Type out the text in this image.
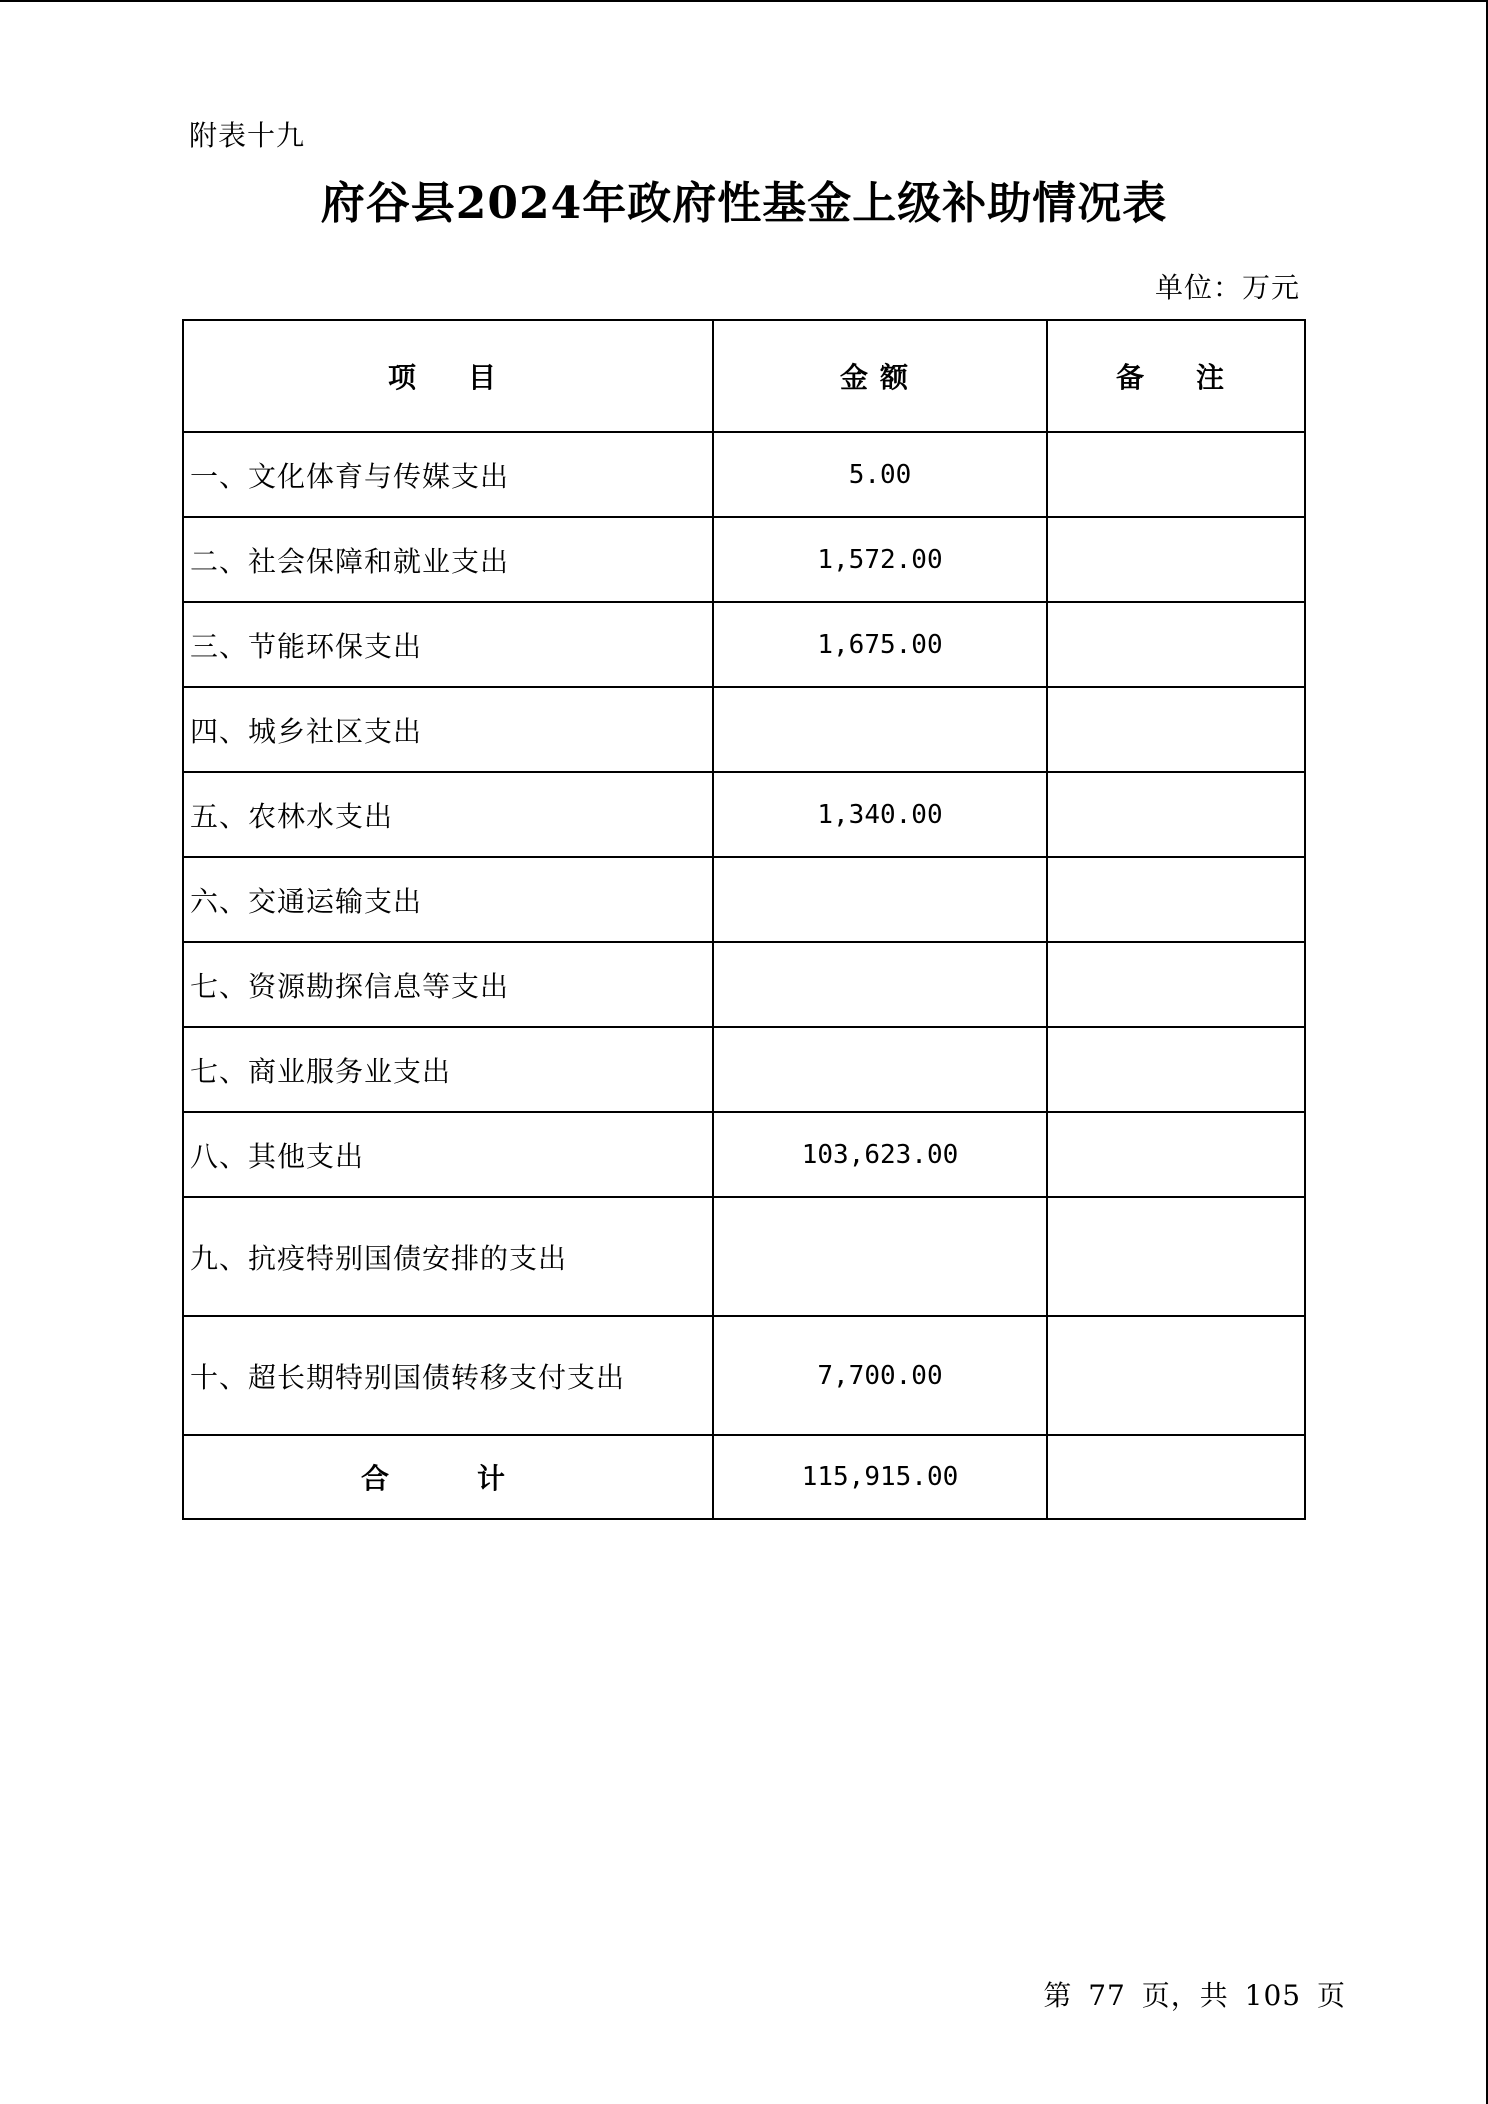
附表十九
府谷县2024年政府性基金上级补助情况表
单位：万元
项　目	金额	备　注
一、文化体育与传媒支出	5.00	
二、社会保障和就业支出	1,572.00	
三、节能环保支出	1,675.00	
四、城乡社区支出		
五、农林水支出	1,340.00	
六、交通运输支出		
七、资源勘探信息等支出		
七、商业服务业支出		
八、其他支出	103,623.00	
九、抗疫特别国债安排的支出		
十、超长期特别国债转移支付支出	7,700.00	
合　计	115,915.00	
第 77 页，共 105 页
